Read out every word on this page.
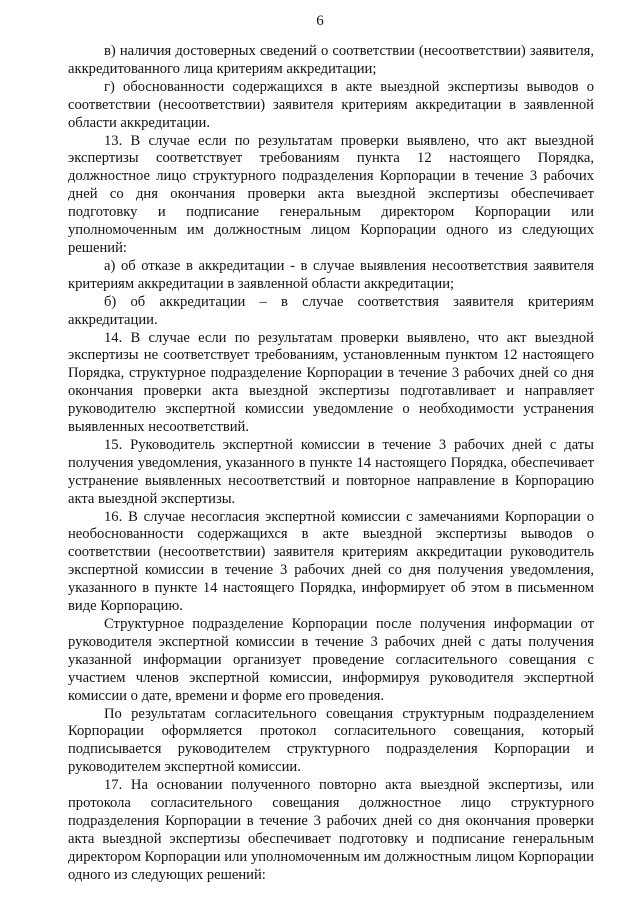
6

в) наличия достоверных сведений о соответствии (несоответствии) заявителя, аккредитованного лица критериям аккредитации;

г) обоснованности содержащихся в акте выездной экспертизы выводов о соответствии (несоответствии) заявителя критериям аккредитации в заявленной области аккредитации.

13. В случае если по результатам проверки выявлено, что акт выездной экспертизы соответствует требованиям пункта 12 настоящего Порядка, должностное лицо структурного подразделения Корпорации в течение 3 рабочих дней со дня окончания проверки акта выездной экспертизы обеспечивает подготовку и подписание генеральным директором Корпорации или уполномоченным им должностным лицом Корпорации одного из следующих решений:

а) об отказе в аккредитации - в случае выявления несоответствия заявителя критериям аккредитации в заявленной области аккредитации;

б) об аккредитации – в случае соответствия заявителя критериям аккредитации.

14. В случае если по результатам проверки выявлено, что акт выездной экспертизы не соответствует требованиям, установленным пунктом 12 настоящего Порядка, структурное подразделение Корпорации в течение 3 рабочих дней со дня окончания проверки акта выездной экспертизы подготавливает и направляет руководителю экспертной комиссии уведомление о необходимости устранения выявленных несоответствий.

15. Руководитель экспертной комиссии в течение 3 рабочих дней с даты получения уведомления, указанного в пункте 14 настоящего Порядка, обеспечивает устранение выявленных несоответствий и повторное направление в Корпорацию акта выездной экспертизы.

16. В случае несогласия экспертной комиссии с замечаниями Корпорации о необоснованности содержащихся в акте выездной экспертизы выводов о соответствии (несоответствии) заявителя критериям аккредитации руководитель экспертной комиссии в течение 3 рабочих дней со дня получения уведомления, указанного в пункте 14 настоящего Порядка, информирует об этом в письменном виде Корпорацию.

Структурное подразделение Корпорации после получения информации от руководителя экспертной комиссии в течение 3 рабочих дней с даты получения указанной информации организует проведение согласительного совещания с участием членов экспертной комиссии, информируя руководителя экспертной комиссии о дате, времени и форме его проведения.

По результатам согласительного совещания структурным подразделением Корпорации оформляется протокол согласительного совещания, который подписывается руководителем структурного подразделения Корпорации и руководителем экспертной комиссии.

17. На основании полученного повторно акта выездной экспертизы, или протокола согласительного совещания должностное лицо структурного подразделения Корпорации в течение 3 рабочих дней со дня окончания проверки акта выездной экспертизы обеспечивает подготовку и подписание генеральным директором Корпорации или уполномоченным им должностным лицом Корпорации одного из следующих решений:
